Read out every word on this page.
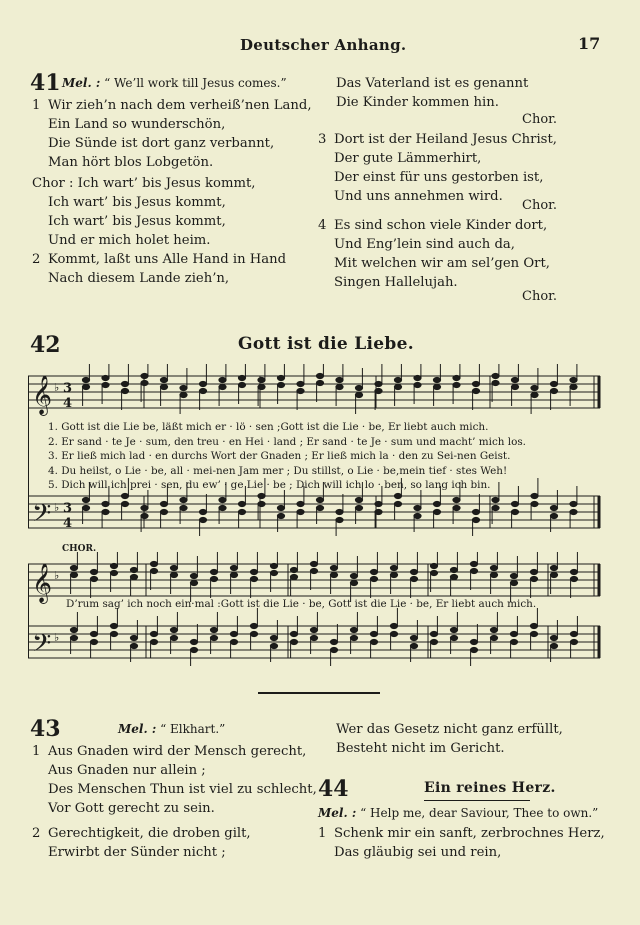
Deutscher Anhang.	17
41 Mel. : “ We’ll work till Jesus comes.”
1 Wir zieh’n nach dem verheiß’nen Land,
Ein Land so wunderschön,
Die Sünde ist dort ganz verbannt,
Man hört blos Lobgetön.
Chor : Ich wart’ bis Jesus kommt,
Ich wart’ bis Jesus kommt,
Ich wart’ bis Jesus kommt,
Und er mich holet heim.
2 Kommt, laßt uns Alle Hand in Hand
Nach diesem Lande zieh’n,
Das Vaterland ist es genannt
Die Kinder kommen hin.
Chor.
3 Dort ist der Heiland Jesus Christ,
Der gute Lämmerhirt,
Der einst für uns gestorben ist,
Und uns annehmen wird.
Chor.
4 Es sind schon viele Kinder dort,
Und Eng’lein sind auch da,
Mit welchen wir am sel’gen Ort,
Singen Hallelujah.
Chor.
42	Gott ist die Liebe.
𝄞
𝄢
♭
♭
3
4
3
4
1. Gott ist die Lie be, läßt mich er · lö · sen ;Gott ist die Lie · be, Er liebt auch mich.
2. Er sand · te Je · sum, den treu · en Hei · land ; Er sand · te Je · sum und macht’ mich los.
3. Er ließ mich lad · en durchs Wort der Gnaden ; Er ließ mich la · den zu Sei-nen Geist.
4. Du heilst, o Lie · be, all · mei-nen Jam mer ; Du stillst, o Lie · be,mein tief · stes Weh!
5. Dich will ich prei · sen, du ew’ · ge Lie · be ; Dich will ich lo · ben, so lang ich bin.
CHOR.
𝄞
𝄢
♭
♭
D’rum sag’ ich noch ein·mal :Gott ist die Lie · be, Gott ist die Lie · be, Er liebt auch mich.
43	Mel. : “ Elkhart.”
1 Aus Gnaden wird der Mensch gerecht,
Aus Gnaden nur allein ;
Des Menschen Thun ist viel zu schlecht,
Vor Gott gerecht zu sein.
2 Gerechtigkeit, die droben gilt,
Erwirbt der Sünder nicht ;
Wer das Gesetz nicht ganz erfüllt,
Besteht nicht im Gericht.
44	Ein reines Herz.
Mel. : “ Help me, dear Saviour, Thee to own.”
1 Schenk mir ein sanft, zerbrochnes Herz,
Das gläubig sei und rein,
